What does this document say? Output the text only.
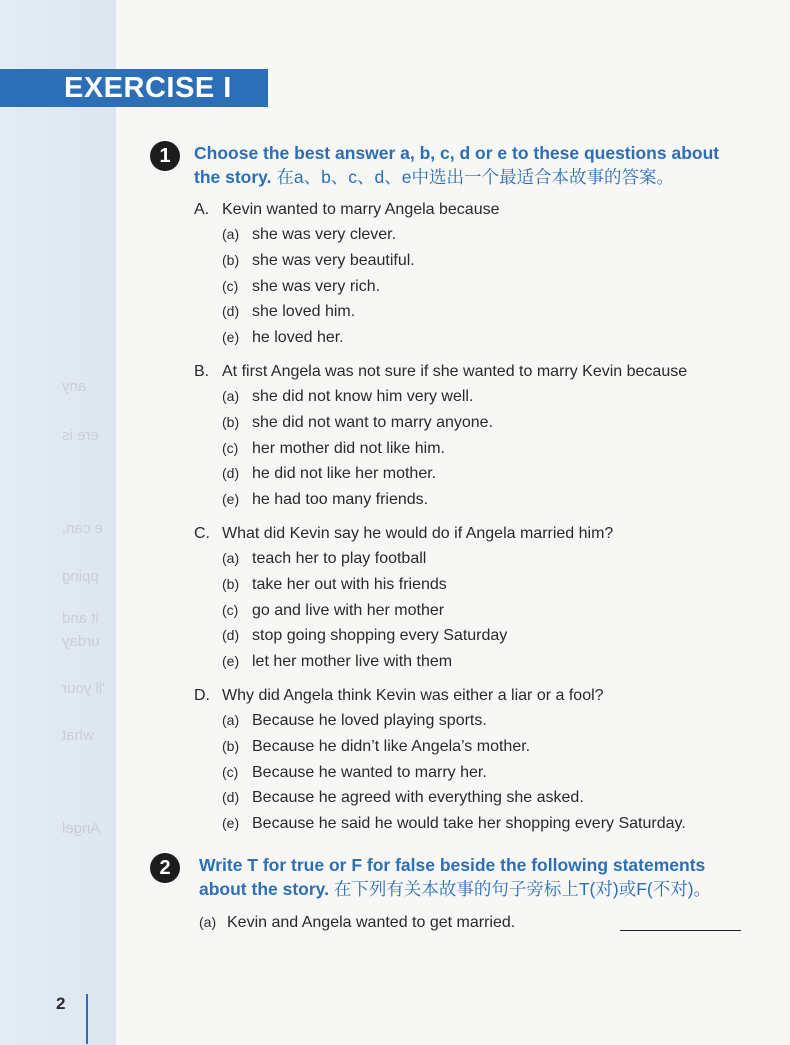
any
ere is
e can,
pping
it and
urday
'll your
what
Angel
EXERCISE I
1	Choose the best answer a, b, c, d or e to these questions about the story. 在a、b、c、d、e中选出一个最适合本故事的答案。
A. Kevin wanted to marry Angela because
(a) she was very clever.
(b) she was very beautiful.
(c) she was very rich.
(d) she loved him.
(e) he loved her.
B. At first Angela was not sure if she wanted to marry Kevin because
(a) she did not know him very well.
(b) she did not want to marry anyone.
(c) her mother did not like him.
(d) he did not like her mother.
(e) he had too many friends.
C. What did Kevin say he would do if Angela married him?
(a) teach her to play football
(b) take her out with his friends
(c) go and live with her mother
(d) stop going shopping every Saturday
(e) let her mother live with them
D. Why did Angela think Kevin was either a liar or a fool?
(a) Because he loved playing sports.
(b) Because he didn’t like Angela’s mother.
(c) Because he wanted to marry her.
(d) Because he agreed with everything she asked.
(e) Because he said he would take her shopping every Saturday.
2	Write T for true or F for false beside the following statements about the story. 在下列有关本故事的句子旁标上T(对)或F(不对)。
(a) Kevin and Angela wanted to get married.
2
